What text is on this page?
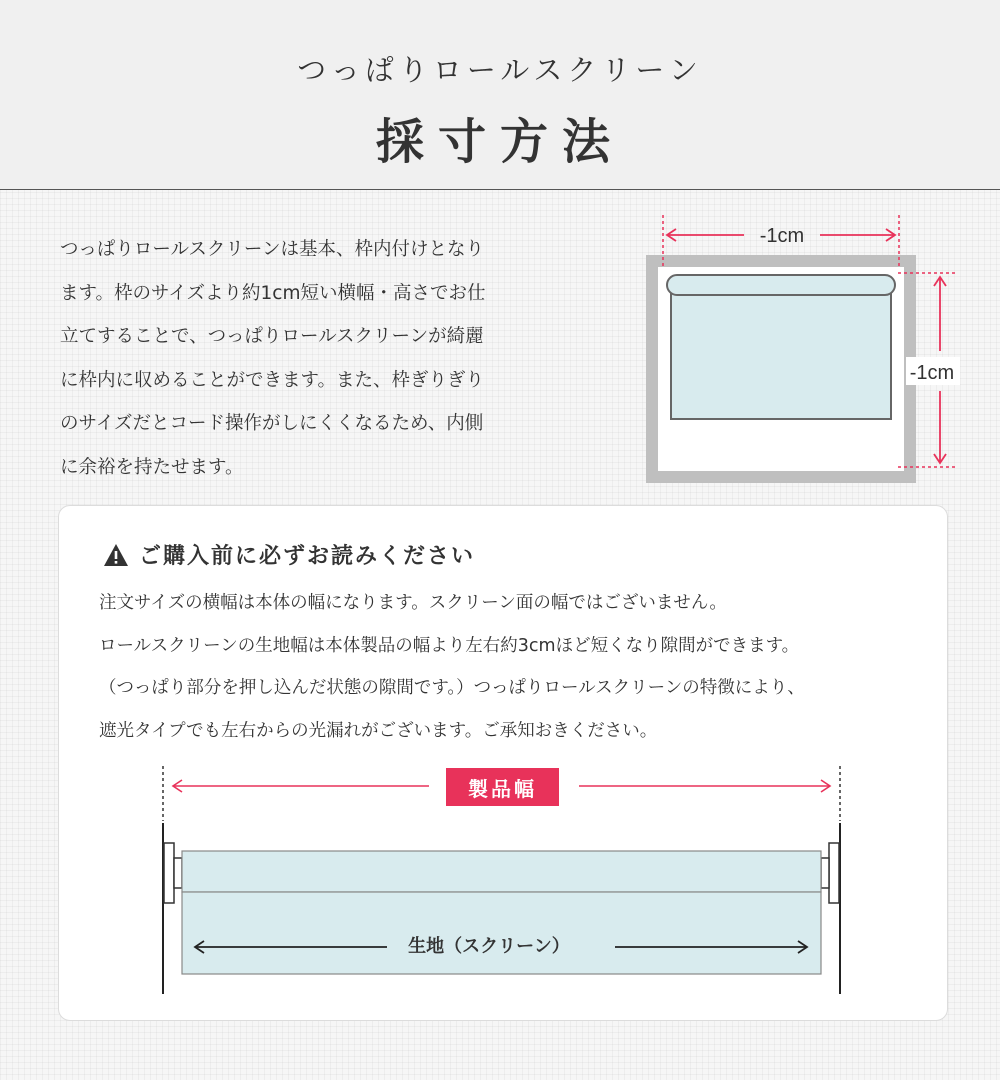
つっぱりロールスクリーン
採寸方法
つっぱりロールスクリーンは基本、枠内付けとなり
ます。枠のサイズより約1cm短い横幅・高さでお仕
立てすることで、つっぱりロールスクリーンが綺麗
に枠内に収めることができます。また、枠ぎりぎり
のサイズだとコード操作がしにくくなるため、内側
に余裕を持たせます。
-1cm
-1cm
ご購入前に必ずお読みください
注文サイズの横幅は本体の幅になります。スクリーン面の幅ではございません。
ロールスクリーンの生地幅は本体製品の幅より左右約3cmほど短くなり隙間ができます。
（つっぱり部分を押し込んだ状態の隙間です。）つっぱりロールスクリーンの特徴により、
遮光タイプでも左右からの光漏れがございます。ご承知おきください。
製品幅
生地（スクリーン）
